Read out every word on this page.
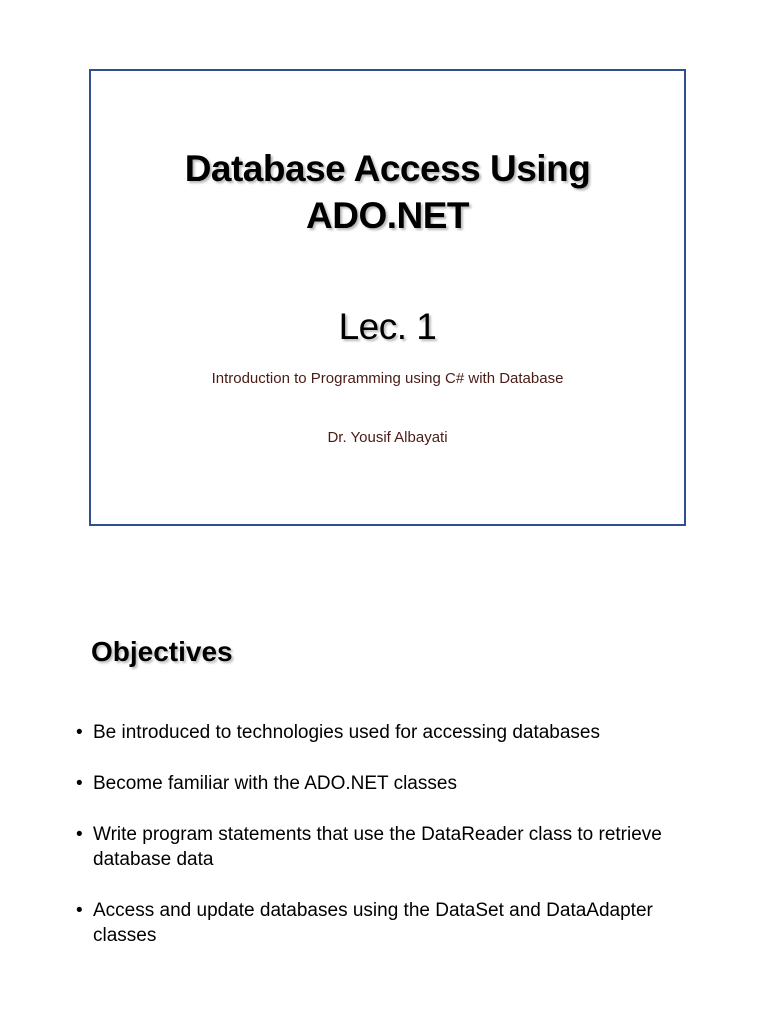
Database Access Using
ADO.NET
Lec. 1
Introduction to Programming using C# with Database
Dr. Yousif Albayati
Objectives
• Be introduced to technologies used for accessing databases
• Become familiar with the ADO.NET classes
• Write program statements that use the DataReader class to retrieve database data
• Access and update databases using the DataSet and DataAdapter classes
